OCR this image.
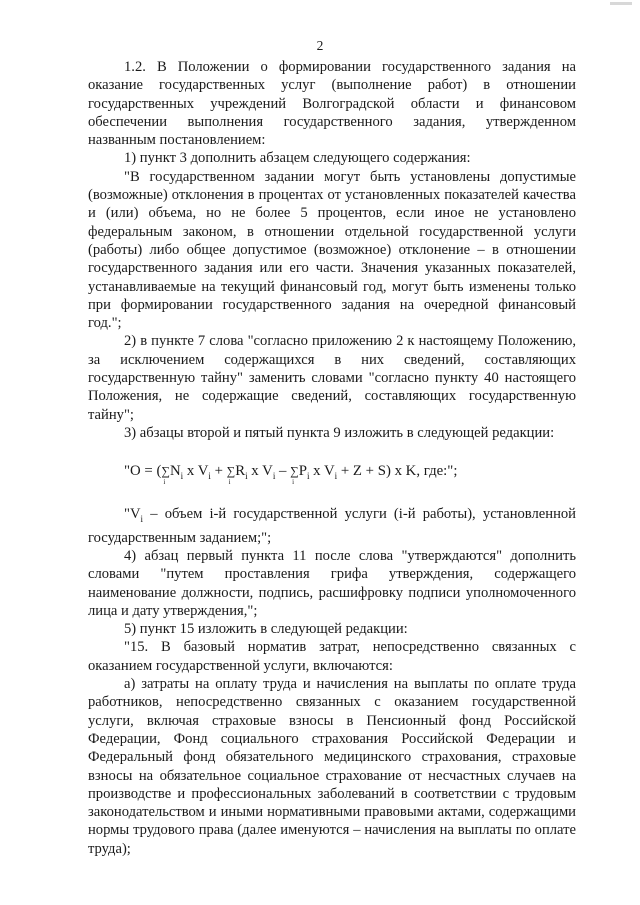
2

1.2. В Положении о формировании государственного задания на оказание государственных услуг (выполнение работ) в отношении государственных учреждений Волгоградской области и финансовом обеспечении выполнения государственного задания, утвержденном названным постановлением:

1) пункт 3 дополнить абзацем следующего содержания:

"В государственном задании могут быть установлены допустимые (возможные) отклонения в процентах от установленных показателей качества и (или) объема, но не более 5 процентов, если иное не установлено федеральным законом, в отношении отдельной государственной услуги (работы) либо общее допустимое (возможное) отклонение – в отношении государственного задания или его части. Значения указанных показателей, устанавливаемые на текущий финансовый год, могут быть изменены только при формировании государственного задания на очередной финансовый год.";

2) в пункте 7 слова "согласно приложению 2 к настоящему Положению, за исключением содержащихся в них сведений, составляющих государственную тайну" заменить словами "согласно пункту 40 настоящего Положения, не содержащие сведений, составляющих государственную тайну";

3) абзацы второй и пятый пункта 9 изложить в следующей редакции:

"O = (∑
i
$N_i$ x $V_i$ + ∑
i
$R_i$ x $V_i$ – ∑
i
$P_i$ x $V_i + Z + S$) x K, где:";

"$V_i$ – объем i-й государственной услуги (i-й работы), установленной государственным заданием;";

4) абзац первый пункта 11 после слова "утверждаются" дополнить словами "путем проставления грифа утверждения, содержащего наименование должности, подпись, расшифровку подписи уполномоченного лица и дату утверждения,";

5) пункт 15 изложить в следующей редакции:

"15. В базовый норматив затрат, непосредственно связанных с оказанием государственной услуги, включаются:

а) затраты на оплату труда и начисления на выплаты по оплате труда работников, непосредственно связанных с оказанием государственной услуги, включая страховые взносы в Пенсионный фонд Российской Федерации, Фонд социального страхования Российской Федерации и Федеральный фонд обязательного медицинского страхования, страховые взносы на обязательное социальное страхование от несчастных случаев на производстве и профессиональных заболеваний в соответствии с трудовым законодательством и иными нормативными правовыми актами, содержащими нормы трудового права (далее именуются – начисления на выплаты по оплате труда);
